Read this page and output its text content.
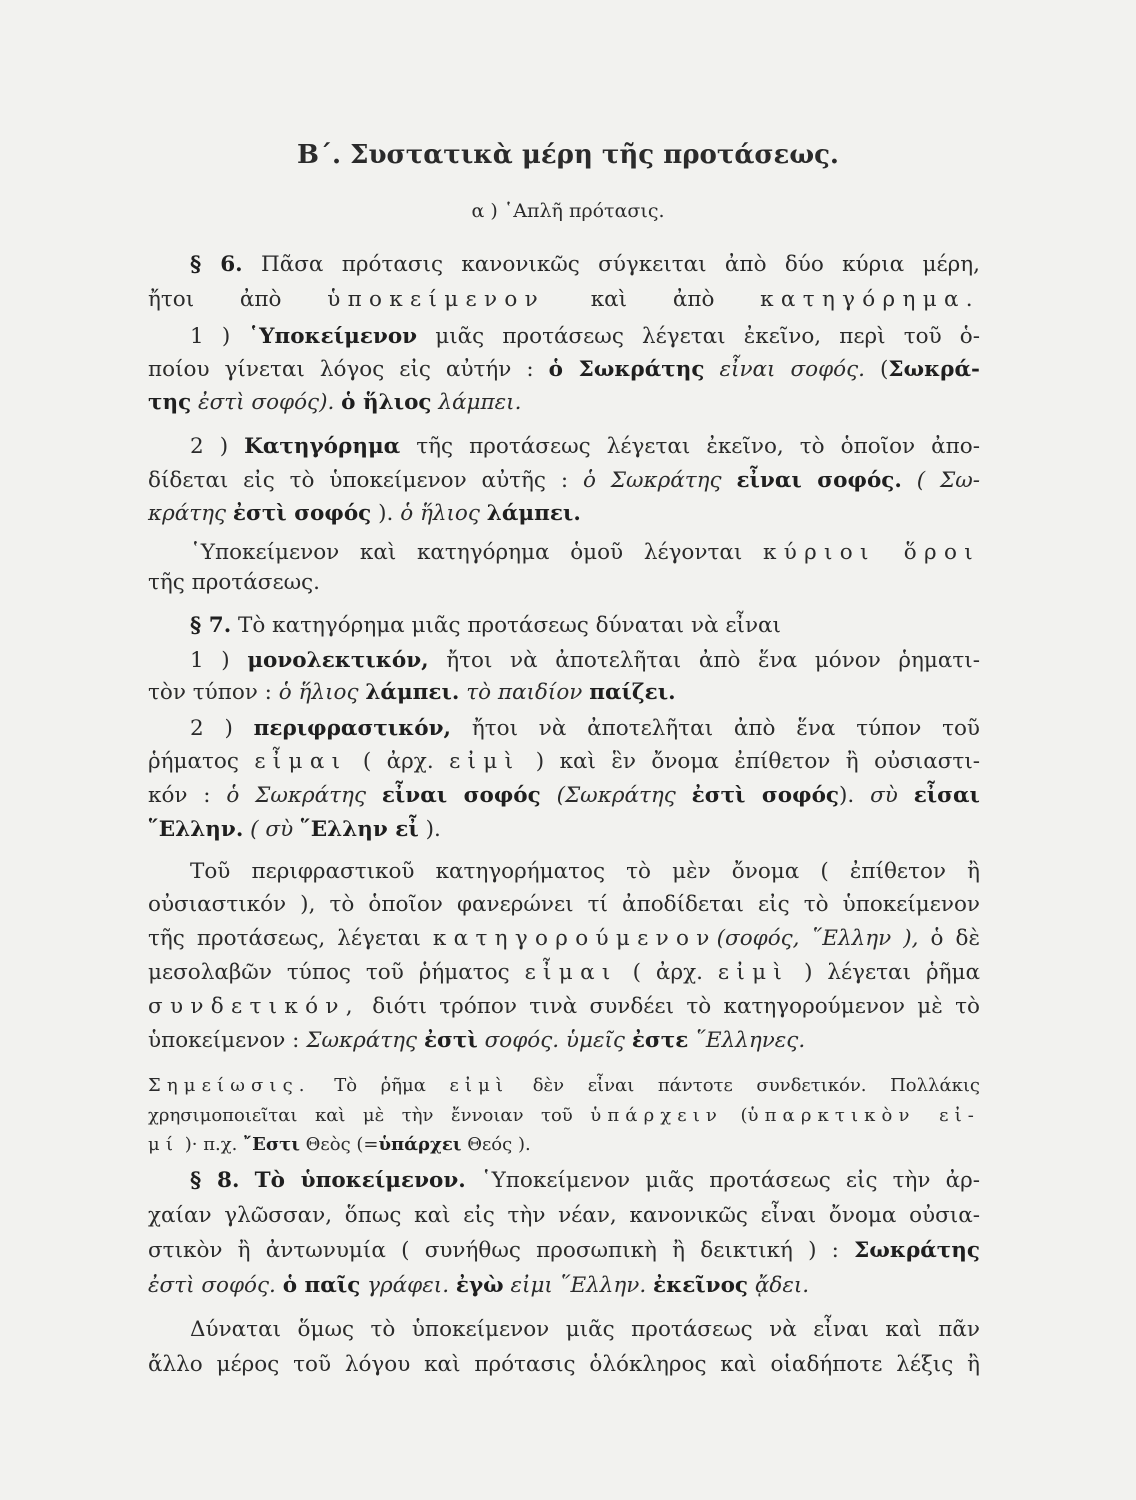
Β΄. Συστατικὰ μέρη τῆς προτάσεως.
α ) ῾Απλῆ πρότασις.
§ 6. Πᾶσα πρότασις κανονικῶς σύγκειται ἀπὸ δύο κύρια μέρη,
ἤτοι ἀπὸ ὑποκείμενον καὶ ἀπὸ κατηγόρημα.
1 ) ῾Υποκείμενον μιᾶς προτάσεως λέγεται ἐκεῖνο, περὶ τοῦ ὁ-
ποίου γίνεται λόγος εἰς αὐτήν : ὁ Σωκράτης εἶναι σοφός. (Σωκρά-
της ἐστὶ σοφός). ὁ ἥλιος λάμπει.
2 ) Κατηγόρημα τῆς προτάσεως λέγεται ἐκεῖνο, τὸ ὁποῖον ἀπο-
δίδεται εἰς τὸ ὑποκείμενον αὐτῆς : ὁ Σωκράτης εἶναι σοφός. ( Σω-
κράτης ἐστὶ σοφός ). ὁ ἥλιος λάμπει.
῾Υποκείμενον καὶ κατηγόρημα ὁμοῦ λέγονται κύριοι ὅροι
τῆς προτάσεως.
§ 7. Τὸ κατηγόρημα μιᾶς προτάσεως δύναται νὰ εἶναι
1 ) μονολεκτικόν, ἤτοι νὰ ἀποτελῆται ἀπὸ ἕνα μόνον ῥηματι-
τὸν τύπον : ὁ ἥλιος λάμπει. τὸ παιδίον παίζει.
2 ) περιφραστικόν, ἤτοι νὰ ἀποτελῆται ἀπὸ ἕνα τύπον τοῦ
ῥήματος εἶμαι ( ἀρχ. εἰμὶ ) καὶ ἓν ὄνομα ἐπίθετον ἢ οὐσιαστι-
κόν : ὁ Σωκράτης εἶναι σοφός (Σωκράτης ἐστὶ σοφός). σὺ εἶσαι
῞Ελλην. ( σὺ ῞Ελλην εἶ ).
Τοῦ περιφραστικοῦ κατηγορήματος τὸ μὲν ὄνομα ( ἐπίθετον ἢ
οὐσιαστικόν ), τὸ ὁποῖον φανερώνει τί ἀποδίδεται εἰς τὸ ὑποκείμενον
τῆς προτάσεως, λέγεται κατηγορούμενον(σοφός, ῞Ελλην ), ὁ δὲ
μεσολαβῶν τύπος τοῦ ῥήματος εἶμαι ( ἀρχ. εἰμὶ ) λέγεται ῥῆμα
συνδετικόν, διότι τρόπον τινὰ συνδέει τὸ κατηγορούμενον μὲ τὸ
ὑποκείμενον : Σωκράτης ἐστὶ σοφός. ὑμεῖς ἐστε ῞Ελληνες.
Σημείωσις. Τὸ ῥῆμα εἰμὶ δὲν εἶναι πάντοτε συνδετικόν. Πολλάκις
χρησιμοποιεῖται καὶ μὲ τὴν ἔννοιαν τοῦ ὑπάρχειν (ὑπαρκτικὸν εἰ-
μί )· π.χ. ῎Εστι Θεὸς (=ὑπάρχει Θεός ).
§ 8. Τὸ ὑποκείμενον. ῾Υποκείμενον μιᾶς προτάσεως εἰς τὴν ἀρ-
χαίαν γλῶσσαν, ὅπως καὶ εἰς τὴν νέαν, κανονικῶς εἶναι ὄνομα οὐσια-
στικὸν ἢ ἀντωνυμία ( συνήθως προσωπικὴ ἢ δεικτική ) : Σωκράτης
ἐστὶ σοφός. ὁ παῖς γράφει. ἐγὼ εἰμι ῞Ελλην. ἐκεῖνος ᾄδει.
Δύναται ὅμως τὸ ὑποκείμενον μιᾶς προτάσεως νὰ εἶναι καὶ πᾶν
ἄλλο μέρος τοῦ λόγου καὶ πρότασις ὁλόκληρος καὶ οἱαδήποτε λέξις ἢ
